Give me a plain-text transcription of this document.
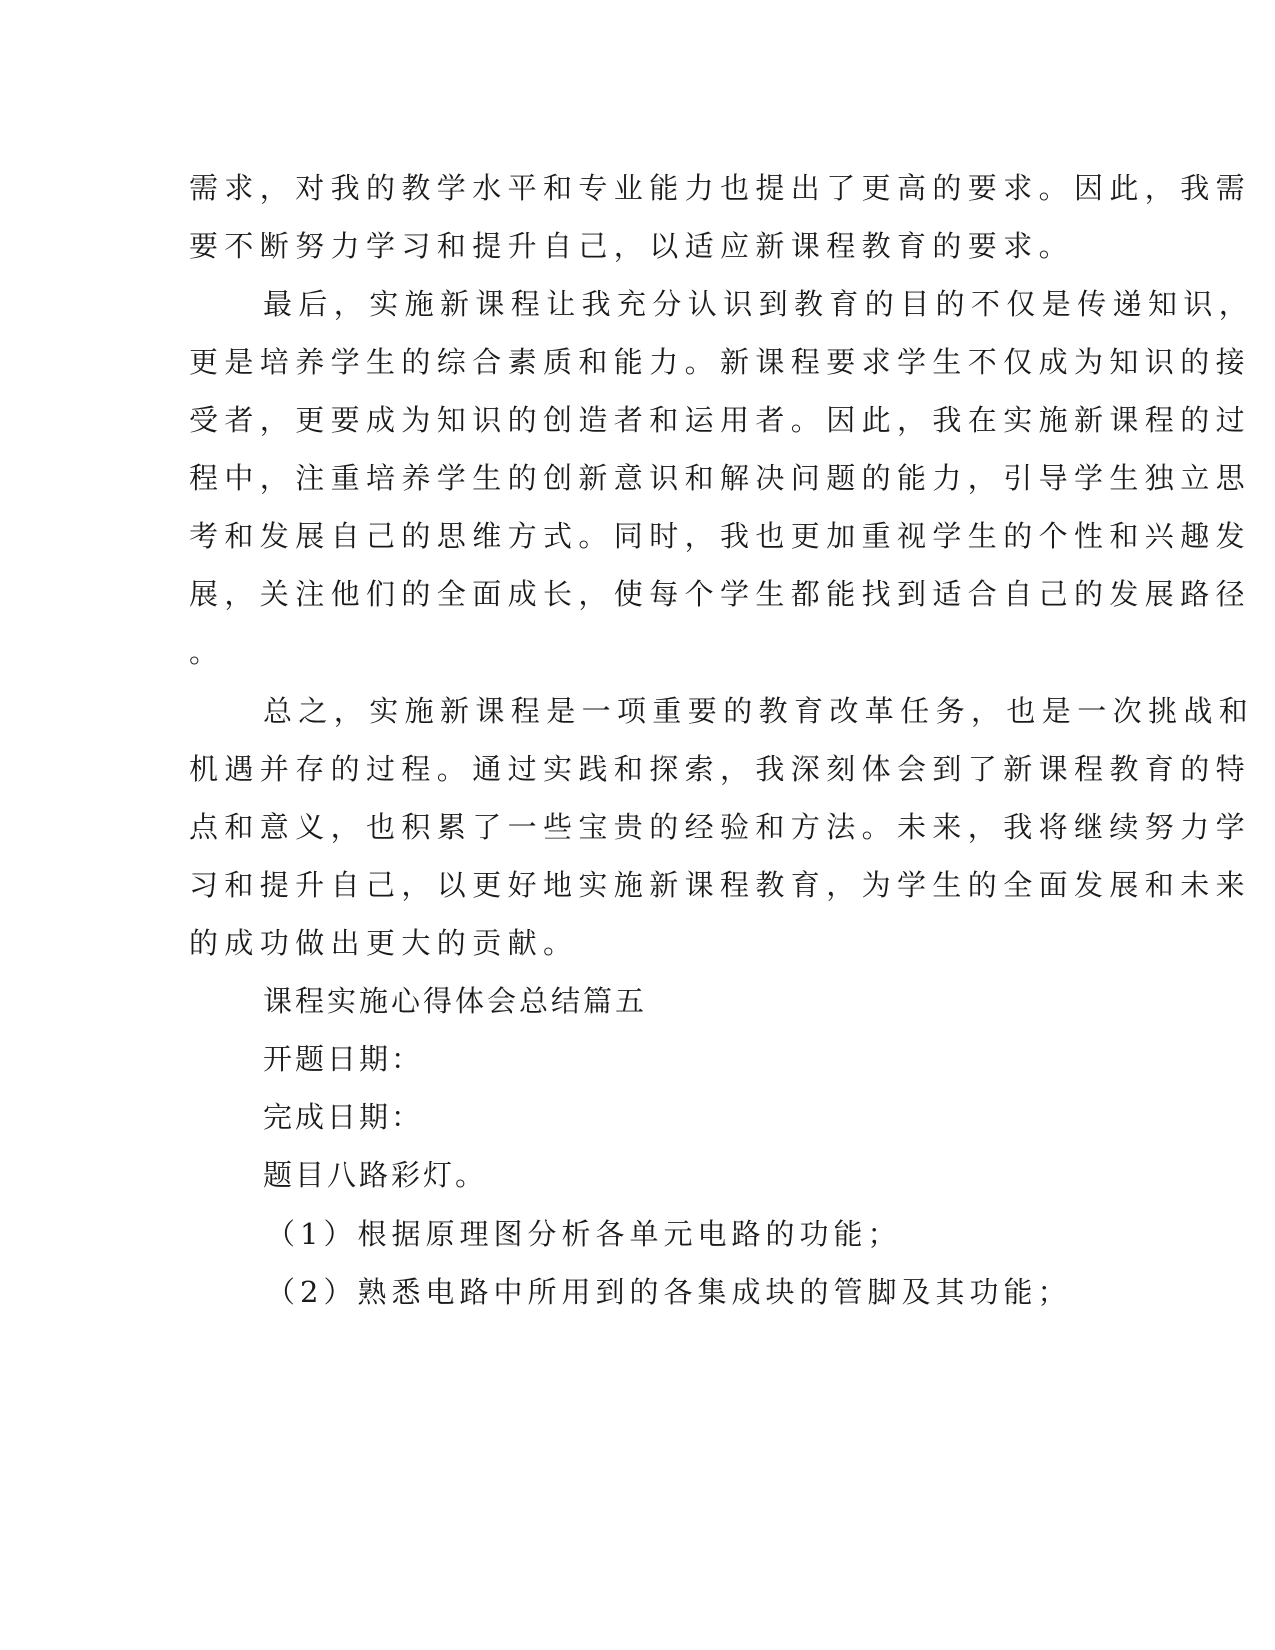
需求，对我的教学水平和专业能力也提出了更高的要求。因此，我需
要不断努力学习和提升自己，以适应新课程教育的要求。
最后，实施新课程让我充分认识到教育的目的不仅是传递知识，
更是培养学生的综合素质和能力。新课程要求学生不仅成为知识的接
受者，更要成为知识的创造者和运用者。因此，我在实施新课程的过
程中，注重培养学生的创新意识和解决问题的能力，引导学生独立思
考和发展自己的思维方式。同时，我也更加重视学生的个性和兴趣发
展，关注他们的全面成长，使每个学生都能找到适合自己的发展路径
。
总之，实施新课程是一项重要的教育改革任务，也是一次挑战和
机遇并存的过程。通过实践和探索，我深刻体会到了新课程教育的特
点和意义，也积累了一些宝贵的经验和方法。未来，我将继续努力学
习和提升自己，以更好地实施新课程教育，为学生的全面发展和未来
的成功做出更大的贡献。
课程实施心得体会总结篇五
开题日期：
完成日期：
题目八路彩灯。
（1）根据原理图分析各单元电路的功能；
（2）熟悉电路中所用到的各集成块的管脚及其功能；
